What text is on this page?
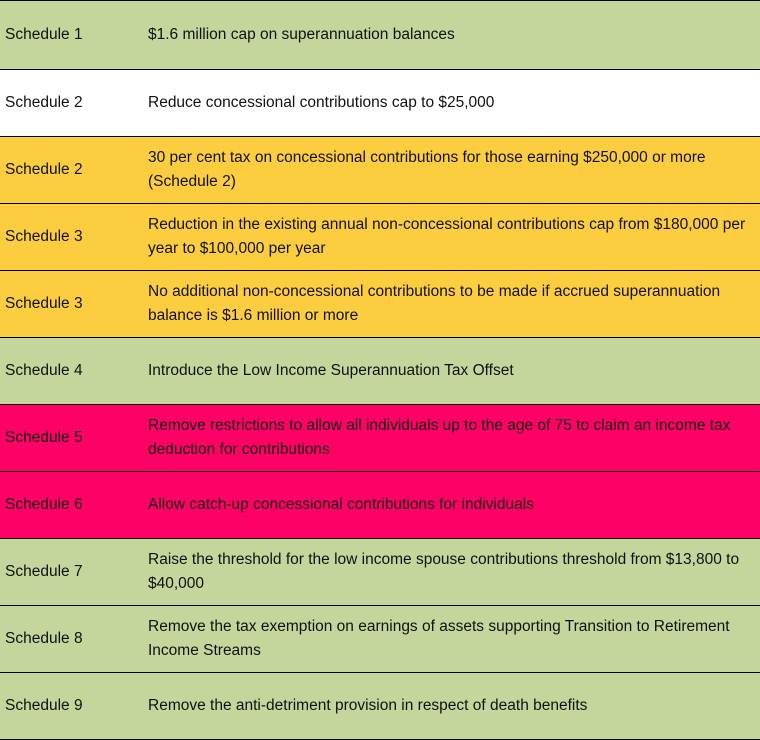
Schedule 1	$1.6 million cap on superannuation balances
Schedule 2	Reduce concessional contributions cap to $25,000
Schedule 2	30 per cent tax on concessional contributions for those earning $250,000 or more (Schedule 2)
Schedule 3	Reduction in the existing annual non-concessional contributions cap from $180,000 per year to $100,000 per year
Schedule 3	No additional non-concessional contributions to be made if accrued superannuation balance is $1.6 million or more
Schedule 4	Introduce the Low Income Superannuation Tax Offset
Schedule 5	Remove restrictions to allow all individuals up to the age of 75 to claim an income tax deduction for contributions
Schedule 6	Allow catch-up concessional contributions for individuals
Schedule 7	Raise the threshold for the low income spouse contributions threshold from $13,800 to $40,000
Schedule 8	Remove the tax exemption on earnings of assets supporting Transition to Retirement Income Streams
Schedule 9	Remove the anti-detriment provision in respect of death benefits
